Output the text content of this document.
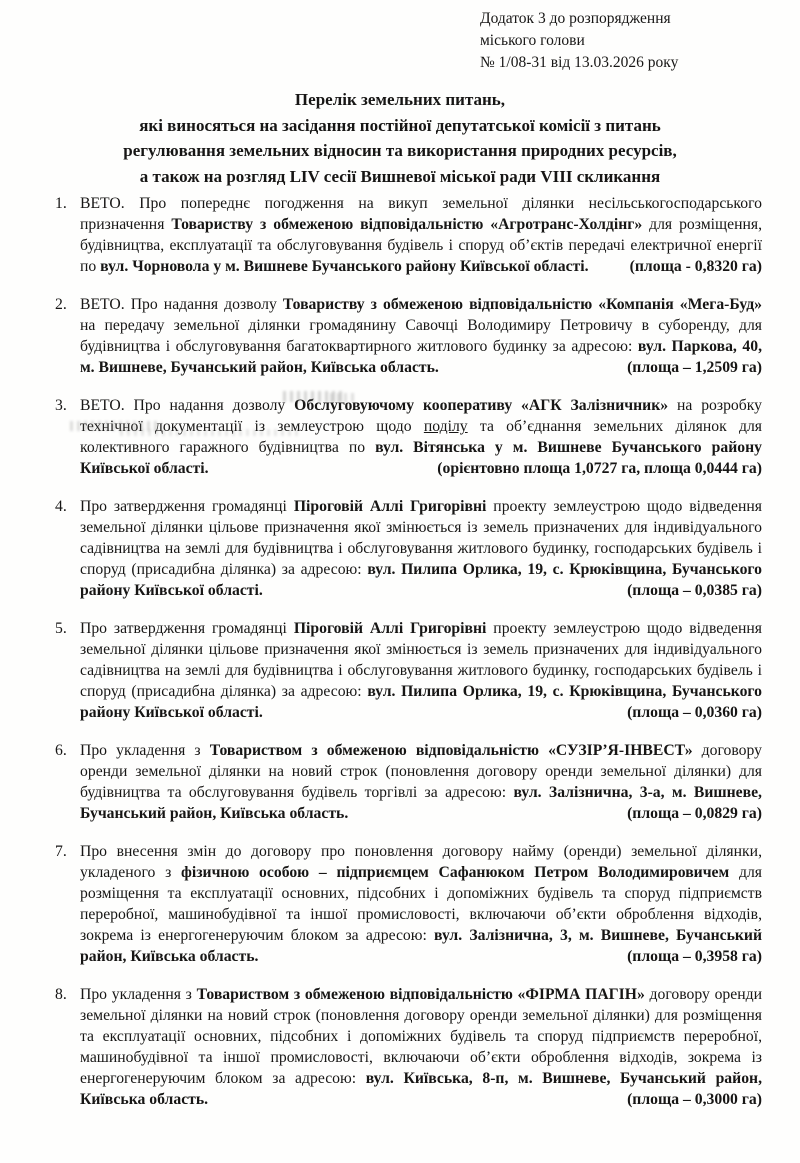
Додаток 3 до розпорядження
міського голови
№ 1/08-31 від 13.03.2026 року
Перелік земельних питань,
які виносяться на засідання постійної депутатської комісії з питань
регулювання земельних відносин та використання природних ресурсів,
а також на розгляд LIV сесії Вишневої міської ради VIII скликання
1. ВЕТО. Про попереднє погодження на викуп земельної ділянки несільськогосподарського призначення Товариству з обмеженою відповідальністю «Агротранс-Холдінг» для розміщення, будівництва, експлуатації та обслуговування будівель і споруд об’єктів передачі електричної енергії по вул. Чорновола у м. Вишневе Бучанського району Київської області.	(площа - 0,8320 га)
2. ВЕТО. Про надання дозволу Товариству з обмеженою відповідальністю «Компанія «Мега-Буд» на передачу земельної ділянки громадянину Савочці Володимиру Петровичу в суборенду, для будівництва і обслуговування багатоквартирного житлового будинку за адресою: вул. Паркова, 40, м. Вишневе, Бучанський район, Київська область.	(площа – 1,2509 га)
3. ВЕТО. Про надання дозволу Обслуговуючому кооперативу «АГК Залізничник» на розробку технічної документації із землеустрою щодо поділу та об’єднання земельних ділянок для колективного гаражного будівництва по вул. Вітянська у м. Вишневе Бучанського району Київської області.	(орієнтовно площа 1,0727 га, площа 0,0444 га)
4. Про затвердження громадянці Піроговій Аллі Григорівні проекту землеустрою щодо відведення земельної ділянки цільове призначення якої змінюється із земель призначених для індивідуального садівництва на землі для будівництва і обслуговування житлового будинку, господарських будівель і споруд (присадибна ділянка) за адресою: вул. Пилипа Орлика, 19, с. Крюківщина, Бучанського району Київської області.	(площа – 0,0385 га)
5. Про затвердження громадянці Піроговій Аллі Григорівні проекту землеустрою щодо відведення земельної ділянки цільове призначення якої змінюється із земель призначених для індивідуального садівництва на землі для будівництва і обслуговування житлового будинку, господарських будівель і споруд (присадибна ділянка) за адресою: вул. Пилипа Орлика, 19, с. Крюківщина, Бучанського району Київської області.	(площа – 0,0360 га)
6. Про укладення з Товариством з обмеженою відповідальністю «СУЗІР’Я-ІНВЕСТ» договору оренди земельної ділянки на новий строк (поновлення договору оренди земельної ділянки) для будівництва та обслуговування будівель торгівлі за адресою: вул. Залізнична, 3-а, м. Вишневе, Бучанський район, Київська область.	(площа – 0,0829 га)
7. Про внесення змін до договору про поновлення договору найму (оренди) земельної ділянки, укладеного з фізичною особою – підприємцем Сафанюком Петром Володимировичем для розміщення та експлуатації основних, підсобних і допоміжних будівель та споруд підприємств переробної, машинобудівної та іншої промисловості, включаючи об’єкти оброблення відходів, зокрема із енергогенеруючим блоком за адресою: вул. Залізнична, 3, м. Вишневе, Бучанський район, Київська область.	(площа – 0,3958 га)
8. Про укладення з Товариством з обмеженою відповідальністю «ФІРМА ПАГІН» договору оренди земельної ділянки на новий строк (поновлення договору оренди земельної ділянки) для розміщення та експлуатації основних, підсобних і допоміжних будівель та споруд підприємств переробної, машинобудівної та іншої промисловості, включаючи об’єкти оброблення відходів, зокрема із енергогенеруючим блоком за адресою: вул. Київська, 8-п, м. Вишневе, Бучанський район, Київська область.	(площа – 0,3000 га)
